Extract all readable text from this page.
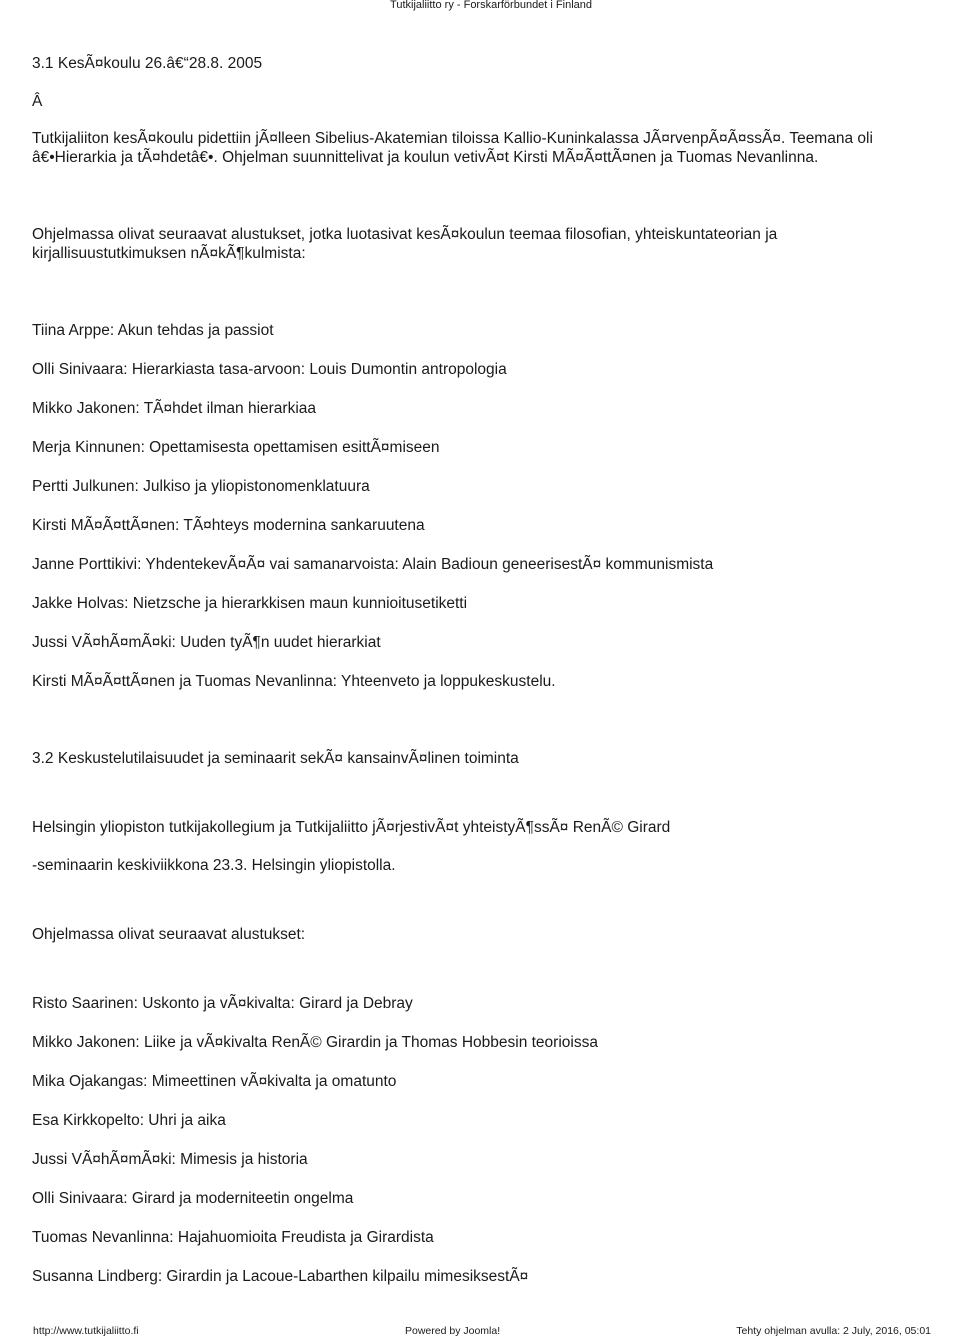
Tutkijaliitto ry - Forskarförbundet i Finland

3.1 KesÃ¤koulu 26.â€“28.8. 2005

Â

Tutkijaliiton kesÃ¤koulu pidettiin jÃ¤lleen Sibelius-Akatemian tiloissa Kallio-Kuninkalassa JÃ¤rvenpÃ¤Ã¤ssÃ¤. Teemana oli

â€•Hierarkia ja tÃ¤hdetâ€•. Ohjelman suunnittelivat ja koulun vetivÃ¤t Kirsti MÃ¤Ã¤ttÃ¤nen ja Tuomas Nevanlinna.

Ohjelmassa olivat seuraavat alustukset, jotka luotasivat kesÃ¤koulun teemaa filosofian, yhteiskuntateorian ja

kirjallisuustutkimuksen nÃ¤kÃ¶kulmista:

Tiina Arppe: Akun tehdas ja passiot

Olli Sinivaara: Hierarkiasta tasa-arvoon: Louis Dumontin antropologia

Mikko Jakonen: TÃ¤hdet ilman hierarkiaa

Merja Kinnunen: Opettamisesta opettamisen esittÃ¤miseen

Pertti Julkunen: Julkiso ja yliopistonomenklatuura

Kirsti MÃ¤Ã¤ttÃ¤nen: TÃ¤hteys modernina sankaruutena

Janne Porttikivi: YhdentekevÃ¤Ã¤ vai samanarvoista: Alain Badioun geneerisestÃ¤ kommunismista

Jakke Holvas: Nietzsche ja hierarkkisen maun kunnioitusetiketti

Jussi VÃ¤hÃ¤mÃ¤ki: Uuden tyÃ¶n uudet hierarkiat

Kirsti MÃ¤Ã¤ttÃ¤nen ja Tuomas Nevanlinna: Yhteenveto ja loppukeskustelu.

3.2 Keskustelutilaisuudet ja seminaarit sekÃ¤ kansainvÃ¤linen toiminta

Helsingin yliopiston tutkijakollegium ja Tutkijaliitto jÃ¤rjestivÃ¤t yhteistyÃ¶ssÃ¤ RenÃ© Girard

-seminaarin keskiviikkona 23.3. Helsingin yliopistolla.

Ohjelmassa olivat seuraavat alustukset:

Risto Saarinen: Uskonto ja vÃ¤kivalta: Girard ja Debray

Mikko Jakonen: Liike ja vÃ¤kivalta RenÃ© Girardin ja Thomas Hobbesin teorioissa

Mika Ojakangas: Mimeettinen vÃ¤kivalta ja omatunto

Esa Kirkkopelto: Uhri ja aika

Jussi VÃ¤hÃ¤mÃ¤ki: Mimesis ja historia

Olli Sinivaara: Girard ja moderniteetin ongelma

Tuomas Nevanlinna: Hajahuomioita Freudista ja Girardista

Susanna Lindberg: Girardin ja Lacoue-Labarthen kilpailu mimesiksestÃ¤

http://www.tutkijaliitto.fi	Powered by Joomla!	Tehty ohjelman avulla: 2 July, 2016, 05:01
